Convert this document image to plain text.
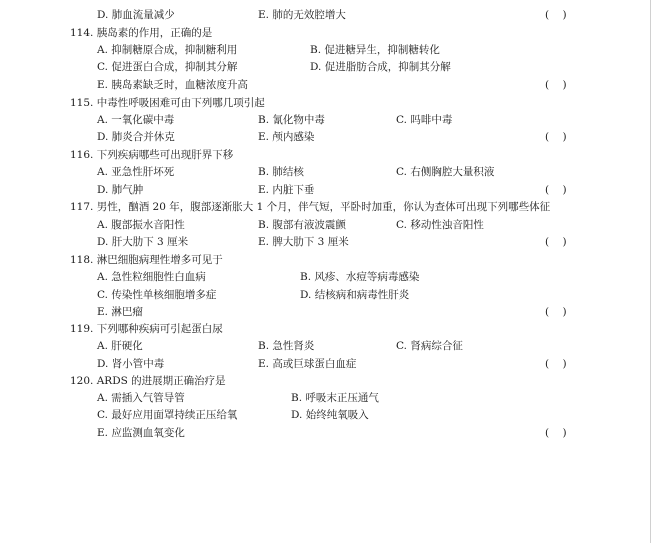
D. 肺血流量减少	E. 肺的无效腔增大	(    )
114. 胰岛素的作用，正确的是
A. 抑制糖原合成，抑制糖利用	B. 促进糖异生，抑制糖转化
C. 促进蛋白合成，抑制其分解	D. 促进脂肪合成，抑制其分解
E. 胰岛素缺乏时，血糖浓度升高	(    )
115. 中毒性呼吸困难可由下列哪几项引起
A. 一氧化碳中毒	B. 氰化物中毒	C. 吗啡中毒
D. 肺炎合并休克	E. 颅内感染	(    )
116. 下列疾病哪些可出现肝界下移
A. 亚急性肝坏死	B. 肺结核	C. 右侧胸腔大量积液
D. 肺气肿	E. 内脏下垂	(    )
117. 男性，酗酒 20 年，腹部逐渐胀大 1 个月，伴气短，平卧时加重，你认为查体可出现下列哪些体征
A. 腹部振水音阳性	B. 腹部有液波震颤	C. 移动性浊音阳性
D. 肝大肋下 3 厘米	E. 脾大肋下 3 厘米	(    )
118. 淋巴细胞病理性增多可见于
A. 急性粒细胞性白血病	B. 风疹、水痘等病毒感染
C. 传染性单核细胞增多症	D. 结核病和病毒性肝炎
E. 淋巴瘤	(    )
119. 下列哪种疾病可引起蛋白尿
A. 肝硬化	B. 急性肾炎	C. 肾病综合征
D. 肾小管中毒	E. 高或巨球蛋白血症	(    )
120. ARDS 的进展期正确治疗是
A. 需插入气管导管	B. 呼吸末正压通气
C. 最好应用面罩持续正压给氧	D. 始终纯氧吸入
E. 应监测血氧变化	(    )
